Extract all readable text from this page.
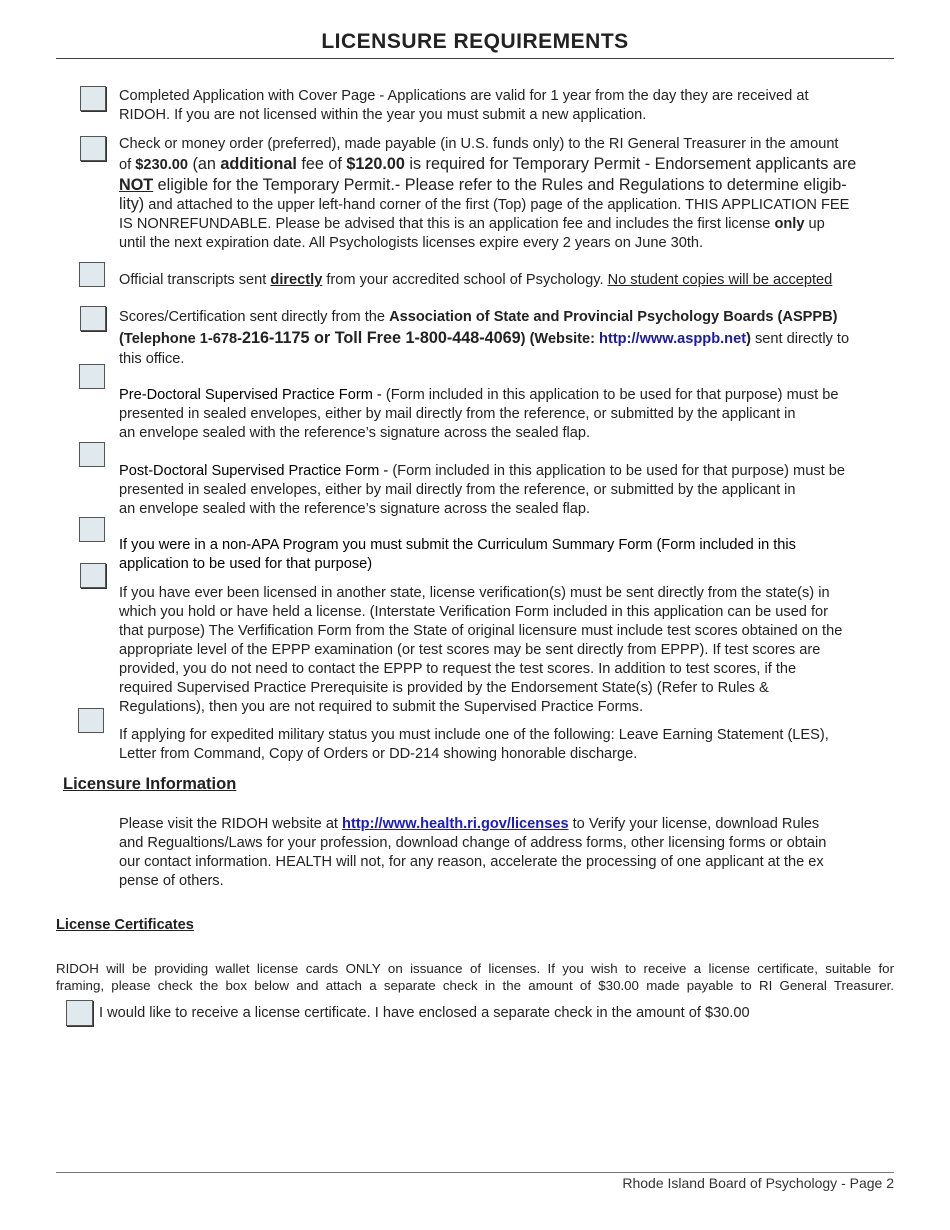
LICENSURE REQUIREMENTS
Completed Application with Cover Page - Applications are valid for 1 year from the day they are received at
RIDOH. If you are not licensed within the year you must submit a new application.
Check or money order (preferred), made payable (in U.S. funds only) to the RI General Treasurer in the amount
of $230.00 (an additional fee of $120.00 is required for Temporary Permit - Endorsement applicants are
NOT eligible for the Temporary Permit.- Please refer to the Rules and Regulations to determine eligib-
lity) and attached to the upper left-hand corner of the first (Top) page of the application. THIS APPLICATION FEE
IS NONREFUNDABLE. Please be advised that this is an application fee and includes the first license only up
until the next expiration date. All Psychologists licenses expire every 2 years on June 30th.
Official transcripts sent directly from your accredited school of Psychology. No student copies will be accepted
Scores/Certification sent directly from the Association of State and Provincial Psychology Boards (ASPPB)
(Telephone 1-678-216-1175 or Toll Free 1-800-448-4069) (Website: http://www.asppb.net) sent directly to
this office.
Pre-Doctoral Supervised Practice Form - (Form included in this application to be used for that purpose) must be
presented in sealed envelopes, either by mail directly from the reference, or submitted by the applicant in
an envelope sealed with the reference’s signature across the sealed flap.
Post-Doctoral Supervised Practice Form - (Form included in this application to be used for that purpose) must be
presented in sealed envelopes, either by mail directly from the reference, or submitted by the applicant in
an envelope sealed with the reference’s signature across the sealed flap.
If you were in a non-APA Program you must submit the Curriculum Summary Form (Form included in this
application to be used for that purpose)
If you have ever been licensed in another state, license verification(s) must be sent directly from the state(s) in
which you hold or have held a license. (Interstate Verification Form included in this application can be used for
that purpose) The Verfification Form from the State of original licensure must include test scores obtained on the
appropriate level of the EPPP examination (or test scores may be sent directly from EPPP). If test scores are
provided, you do not need to contact the EPPP to request the test scores. In addition to test scores, if the
required Supervised Practice Prerequisite is provided by the Endorsement State(s) (Refer to Rules &
Regulations), then you are not required to submit the Supervised Practice Forms.
If applying for expedited military status you must include one of the following: Leave Earning Statement (LES),
Letter from Command, Copy of Orders or DD-214 showing honorable discharge.
Licensure Information
Please visit the RIDOH website at http://www.health.ri.gov/licenses to Verify your license, download Rules
and Regualtions/Laws for your profession, download change of address forms, other licensing forms or obtain
our contact information. HEALTH will not, for any reason, accelerate the processing of one applicant at the ex
pense of others.
License Certificates
RIDOH will be providing wallet license cards ONLY on issuance of licenses. If you wish to receive a license certificate, suitable for
framing, please check the box below and attach a separate check in the amount of $30.00 made payable to RI General Treasurer.
I would like to receive a license certificate. I have enclosed a separate check in the amount of $30.00
Rhode Island Board of Psychology - Page 2
